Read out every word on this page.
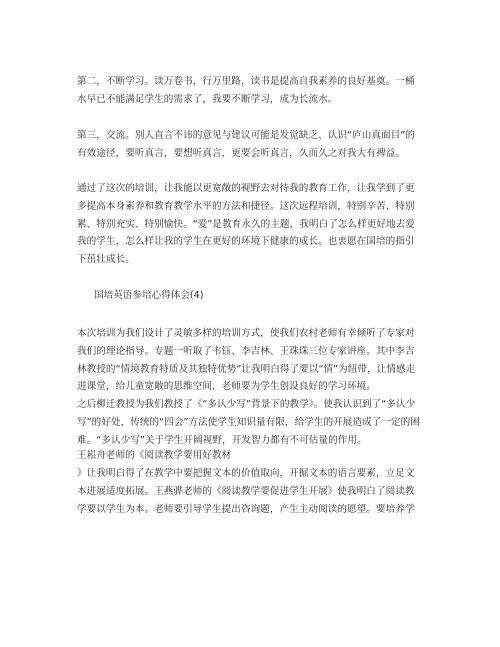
第二，不断学习。读万卷书，行万里路，读书是提高自我素养的良好基奠。一桶水早已不能满足学生的需求了，我要不断学习，成为长流水。

第三，交流。别人直言不讳的意见与建议可能是发觉缺乏、认识“庐山真面目”的有效途径，要听真言，要想听真言，更要会听真言，久而久之对我大有裨益。

通过了这次的培训，让我能以更宽敞的视野去对待我的教育工作，让我学到了更多提高本身素养和教育教学水平的方法和捷径。这次远程培训，特别辛苦、特别累、特别充实、特别愉快。“爱”是教育永久的主题，我明白了怎么样更好地去爱我的学生，怎么样让我的学生在更好的环境下健康的成长。也衷愿在国培的指引下茁壮成长。

国培英语参培心得体会(4)

本次培训为我们设计了灵敏多样的培训方式，使我们农村老师有幸倾听了专家对我们的理论指导。专题一听取了韦钰、李吉林、王珠珠三位专家讲座。其中李吉林教授的“情境教育特质及其独特优势”让我明白得了要以“情”为纽带，让情感走进课堂，给儿童宽敞的思维空间，老师要为学生创设良好的学习环境。

之后柳迁教授为我们教授了《“多认少写”背景下的教学》。使我认识到了“多认少写”的好处，传统的“四会”方法使学生知识量有限，给学生的开展造成了一定的困难。“多认少写”关于学生开阔视野，开发智力都有不可估量的作用。

王崧舟老师的《阅读教学要用好教材

》让我明白得了在教学中要把握文本的价值取向，开掘文本的语言要素，立足文本进展适度拓展。王燕骅老师的《阅读教学要促进学生开展》使我明白了阅读教学要以学生为本。老师要引导学生提出咨询题，产生主动阅读的愿望。要培养学
